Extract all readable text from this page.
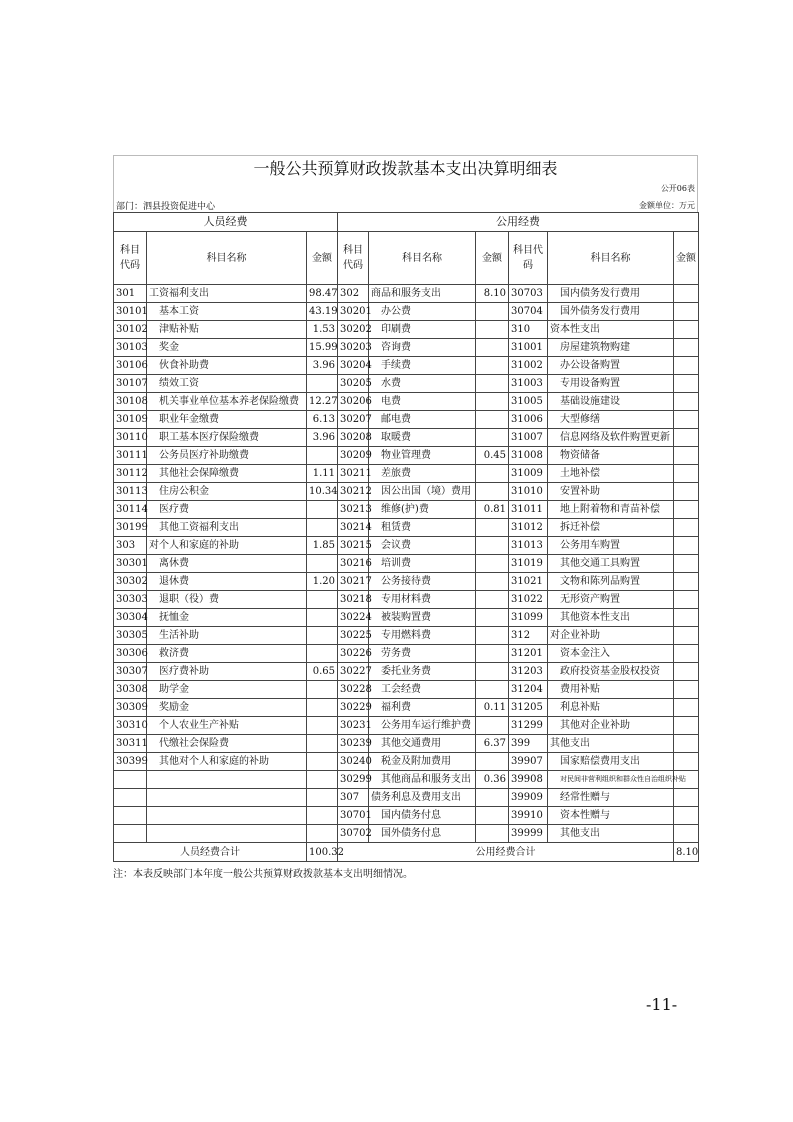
一般公共预算财政拨款基本支出决算明细表
公开06表
部门：泗县投资促进中心	金额单位：万元
人员经费			公用经费					
科目代码	科目名称	金额	科目代码	科目名称	金额	科目代码	科目名称	金额
301	工资福利支出	98.47	302	商品和服务支出	8.10	30703	国内债务发行费用	
30101	基本工资	43.19	30201	办公费		30704	国外债务发行费用	
30102	津贴补贴	1.53	30202	印刷费		310	资本性支出	
30103	奖金	15.99	30203	咨询费		31001	房屋建筑物购建	
30106	伙食补助费	3.96	30204	手续费		31002	办公设备购置	
30107	绩效工资		30205	水费		31003	专用设备购置	
30108	机关事业单位基本养老保险缴费	12.27	30206	电费		31005	基础设施建设	
30109	职业年金缴费	6.13	30207	邮电费		31006	大型修缮	
30110	职工基本医疗保险缴费	3.96	30208	取暖费		31007	信息网络及软件购置更新	
30111	公务员医疗补助缴费		30209	物业管理费	0.45	31008	物资储备	
30112	其他社会保障缴费	1.11	30211	差旅费		31009	土地补偿	
30113	住房公积金	10.34	30212	因公出国（境）费用		31010	安置补助	
30114	医疗费		30213	维修(护)费	0.81	31011	地上附着物和青苗补偿	
30199	其他工资福利支出		30214	租赁费		31012	拆迁补偿	
303	对个人和家庭的补助	1.85	30215	会议费		31013	公务用车购置	
30301	离休费		30216	培训费		31019	其他交通工具购置	
30302	退休费	1.20	30217	公务接待费		31021	文物和陈列品购置	
30303	退职（役）费		30218	专用材料费		31022	无形资产购置	
30304	抚恤金		30224	被装购置费		31099	其他资本性支出	
30305	生活补助		30225	专用燃料费		312	对企业补助	
30306	救济费		30226	劳务费		31201	资本金注入	
30307	医疗费补助	0.65	30227	委托业务费		31203	政府投资基金股权投资	
30308	助学金		30228	工会经费		31204	费用补贴	
30309	奖励金		30229	福利费	0.11	31205	利息补贴	
30310	个人农业生产补贴		30231	公务用车运行维护费		31299	其他对企业补助	
30311	代缴社会保险费		30239	其他交通费用	6.37	399	其他支出	
30399	其他对个人和家庭的补助		30240	税金及附加费用		39907	国家赔偿费用支出	
			30299	其他商品和服务支出	0.36	39908	对民间非营利组织和群众性自治组织补贴	
			307	债务利息及费用支出		39909	经常性赠与	
			30701	国内债务付息		39910	资本性赠与	
			30702	国外债务付息		39999	其他支出	
人员经费合计		100.32	公用经费合计					8.10
注：本表反映部门本年度一般公共预算财政拨款基本支出明细情况。
-11-
